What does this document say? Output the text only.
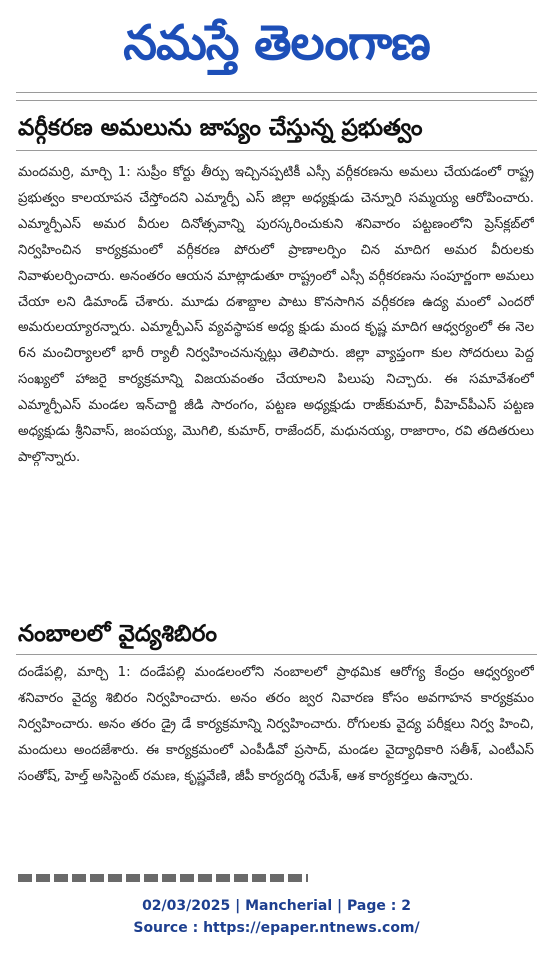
నమస్తే తెలంగాణ
వర్గీకరణ అమలును జాప్యం చేస్తున్న ప్రభుత్వం
మందమర్రి, మార్చి 1: సుప్రీం కోర్టు తీర్పు ఇచ్చినప్పటికీ ఎస్సీ వర్గీకరణను అమలు చేయడంలో రాష్ట్ర ప్రభుత్వం కాలయాపన చేస్తోందని ఎమ్మార్పీ ఎస్ జిల్లా అధ్యక్షుడు చెన్నూరి సమ్మయ్య ఆరోపించారు. ఎమ్మార్పీఎస్ అమర వీరుల దినోత్సవాన్ని పురస్కరించుకుని శనివారం పట్టణంలోని ప్రెస్‌క్లబ్‌లో నిర్వహించిన కార్యక్రమంలో వర్గీకరణ పోరులో ప్రాణాలర్పిం చిన మాదిగ అమర వీరులకు నివాళులర్పించారు. అనంతరం ఆయన మాట్లాడుతూ రాష్ట్రంలో ఎస్సీ వర్గీకరణను సంపూర్ణంగా అమలు చేయా లని డిమాండ్ చేశారు. మూడు దశాబ్దాల పాటు కొనసాగిన వర్గీకరణ ఉద్య మంలో ఎందరో అమరులయ్యారన్నారు. ఎమ్మార్పీఎస్ వ్యవస్థాపక అధ్య క్షుడు మంద కృష్ణ మాదిగ ఆధ్వర్యంలో ఈ నెల 6న మంచిర్యాలలో భారీ ర్యాలీ నిర్వహించనున్నట్లు తెలిపారు. జిల్లా వ్యాప్తంగా కుల సోదరులు పెద్ద సంఖ్యలో హాజరై కార్యక్రమాన్ని విజయవంతం చేయాలని పిలుపు నిచ్చారు. ఈ సమావేశంలో ఎమ్మార్పీఎస్ మండల ఇన్‌చార్జి జీడి సారంగం, పట్టణ అధ్యక్షుడు రాజ్‌కుమార్, వీహెచ్‌పీఎస్ పట్టణ అధ్యక్షుడు శ్రీనివాస్, జంపయ్య, మొగిలి, కుమార్, రాజేందర్, మధునయ్య, రాజారాం, రవి తదితరులు పాల్గొన్నారు.
నంబాలలో వైద్యశిబిరం
దండేపల్లి, మార్చి 1: దండేపల్లి మండలంలోని నంబాలలో ప్రాథమిక ఆరోగ్య కేంద్రం ఆధ్వర్యంలో శనివారం వైద్య శిబిరం నిర్వహించారు. అనం తరం జ్వర నివారణ కోసం అవగాహన కార్యక్రమం నిర్వహించారు. అనం తరం డ్రై డే కార్యక్రమాన్ని నిర్వహించారు. రోగులకు వైద్య పరీక్షలు నిర్వ హించి, మందులు అందజేశారు. ఈ కార్యక్రమంలో ఎంపీడీవో ప్రసాద్, మండల వైద్యాధికారి సతీశ్, ఎంటీఎస్ సంతోష్, హెల్త్ అసిస్టెంట్ రమణ, కృష్ణవేణి, జీపీ కార్యదర్శి రమేశ్, ఆశ కార్యకర్తలు ఉన్నారు.
02/03/2025 | Mancherial | Page : 2
Source : https://epaper.ntnews.com/
